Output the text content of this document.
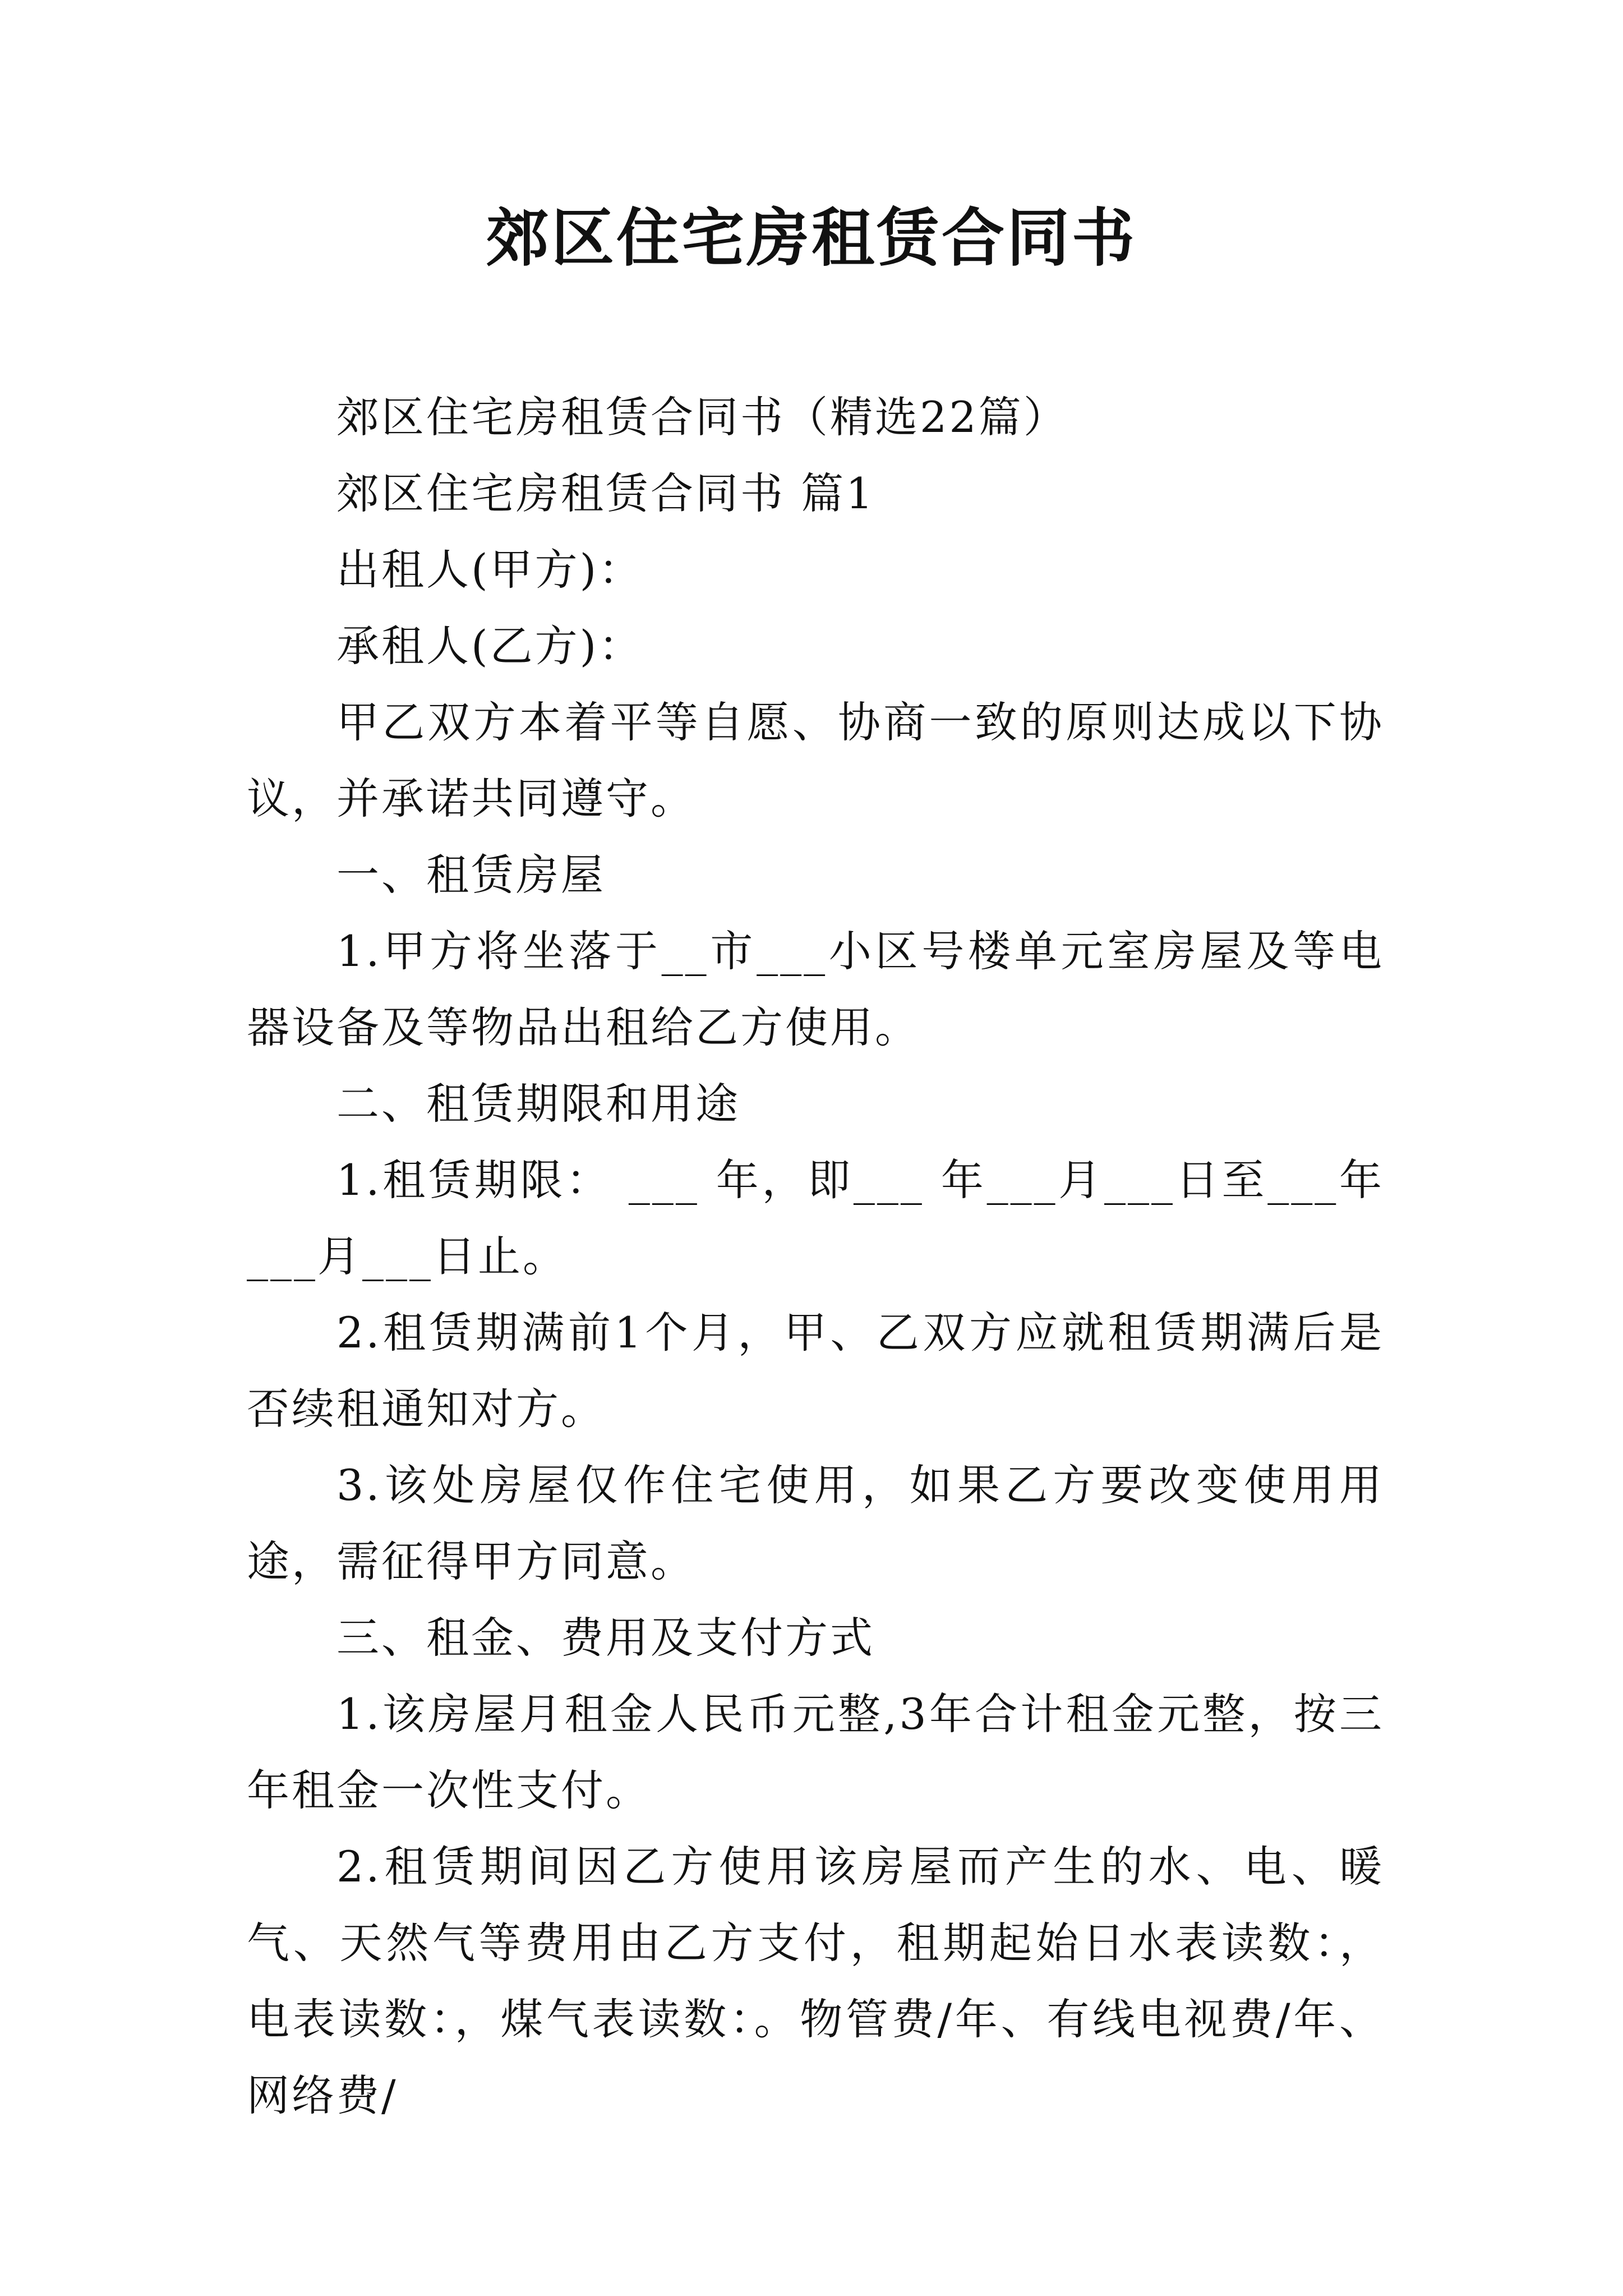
郊区住宅房租赁合同书

郊区住宅房租赁合同书（精选22篇）

郊区住宅房租赁合同书 篇1

出租人(甲方)：

承租人(乙方)：

甲乙双方本着平等自愿、协商一致的原则达成以下协议，并承诺共同遵守。

一、租赁房屋

1.甲方将坐落于__市___小区号楼单元室房屋及等电器设备及等物品出租给乙方使用。

二、租赁期限和用途

1.租赁期限： ___ 年，即___ 年___月___日至___年___月___日止。

2.租赁期满前1个月，甲、乙双方应就租赁期满后是否续租通知对方。

3.该处房屋仅作住宅使用，如果乙方要改变使用用途，需征得甲方同意。

三、租金、费用及支付方式

1.该房屋月租金人民币元整,3年合计租金元整，按三年租金一次性支付。

2.租赁期间因乙方使用该房屋而产生的水、电、暖气、天然气等费用由乙方支付，租期起始日水表读数：，电表读数：，煤气表读数：。物管费/年、有线电视费/年、网络费/
